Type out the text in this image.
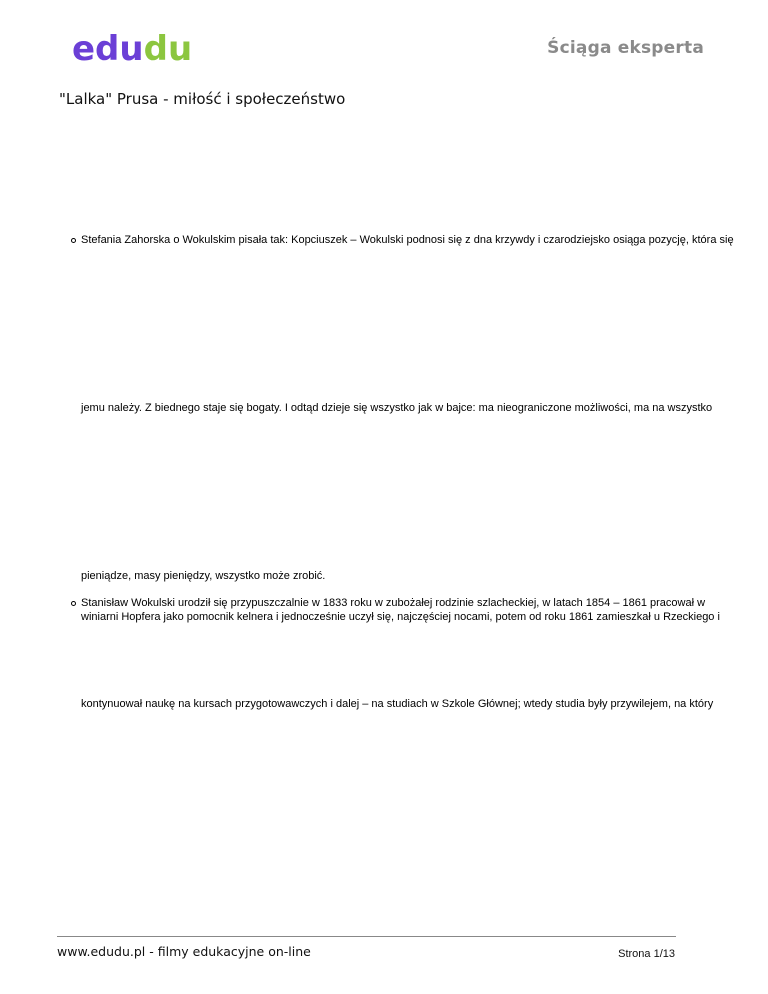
edudu	Ściąga eksperta
"Lalka" Prusa - miłość i społeczeństwo
Stefania Zahorska o Wokulskim pisała tak: Kopciuszek – Wokulski podnosi się z dna krzywdy i czarodziejsko osiąga pozycję, która się
jemu należy. Z biednego staje się bogaty. I odtąd dzieje się wszystko jak w bajce: ma nieograniczone możliwości, ma na wszystko
pieniądze, masy pieniędzy, wszystko może zrobić.
Stanisław Wokulski urodził się przypuszczalnie w 1833 roku w zubożałej rodzinie szlacheckiej, w latach 1854 – 1861 pracował w
winiarni Hopfera jako pomocnik kelnera i jednocześnie uczył się, najczęściej nocami, potem od roku 1861 zamieszkał u Rzeckiego i
kontynuował naukę na kursach przygotowawczych i dalej – na studiach w Szkole Głównej; wtedy studia były przywilejem, na który
www.edudu.pl - filmy edukacyjne on-line	Strona 1/13
